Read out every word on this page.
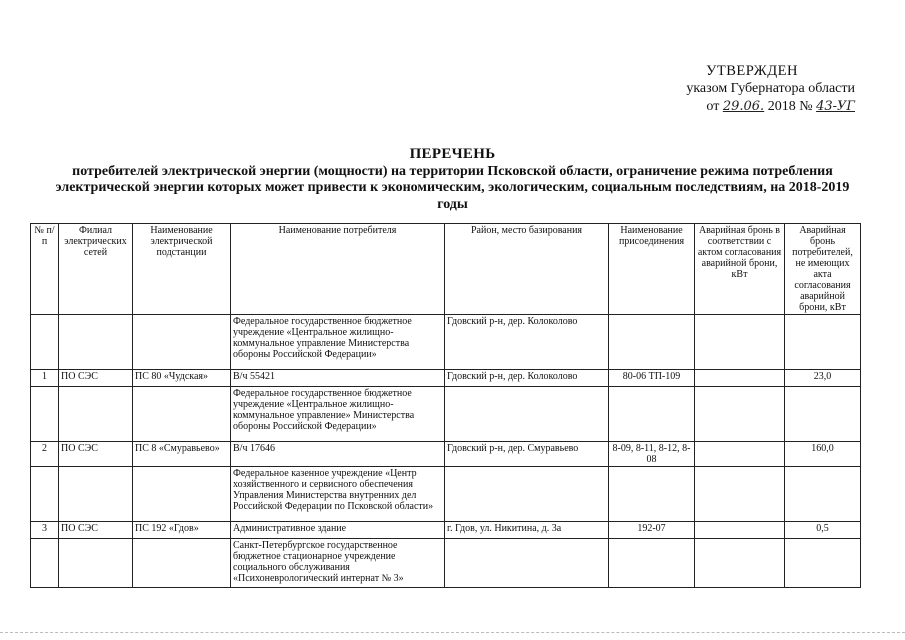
УТВЕРЖДЕН
указом Губернатора области
от 29.06. 2018 № 43-УГ
ПЕРЕЧЕНЬ
потребителей электрической энергии (мощности) на территории Псковской области, ограничение режима потребления электрической энергии которых может привести к экономическим, экологическим, социальным последствиям, на 2018-2019 годы
№ п/п	Филиал электрических сетей	Наименование электрической подстанции	Наименование потребителя	Район, место базирования	Наименование присоединения	Аварийная бронь в соответствии с актом согласования аварийной брони, кВт	Аварийная бронь потребителей, не имеющих акта согласования аварийной брони, кВт
			Федеральное государственное бюджетное учреждение «Центральное жилищно-коммунальное управление Министерства обороны Российской Федерации»	Гдовский р-н, дер. Колоколово			
1	ПО СЭС	ПС 80 «Чудская»	В/ч 55421	Гдовский р-н, дер. Колоколово	80-06 ТП-109		23,0
			Федеральное государственное бюджетное учреждение «Центральное жилищно-коммунальное управление» Министерства обороны Российской Федерации»				
2	ПО СЭС	ПС 8 «Смуравьево»	В/ч 17646	Гдовский р-н, дер. Смуравьево	8-09, 8-11, 8-12, 8-08		160,0
			Федеральное казенное учреждение «Центр хозяйственного и сервисного обеспечения Управления Министерства внутренних дел Российской Федерации по Псковской области»				
3	ПО СЭС	ПС 192 «Гдов»	Административное здание	г. Гдов, ул. Никитина, д. 3а	192-07		0,5
			Санкт-Петербургское государственное бюджетное стационарное учреждение социального обслуживания «Психоневрологический интернат № 3»				
